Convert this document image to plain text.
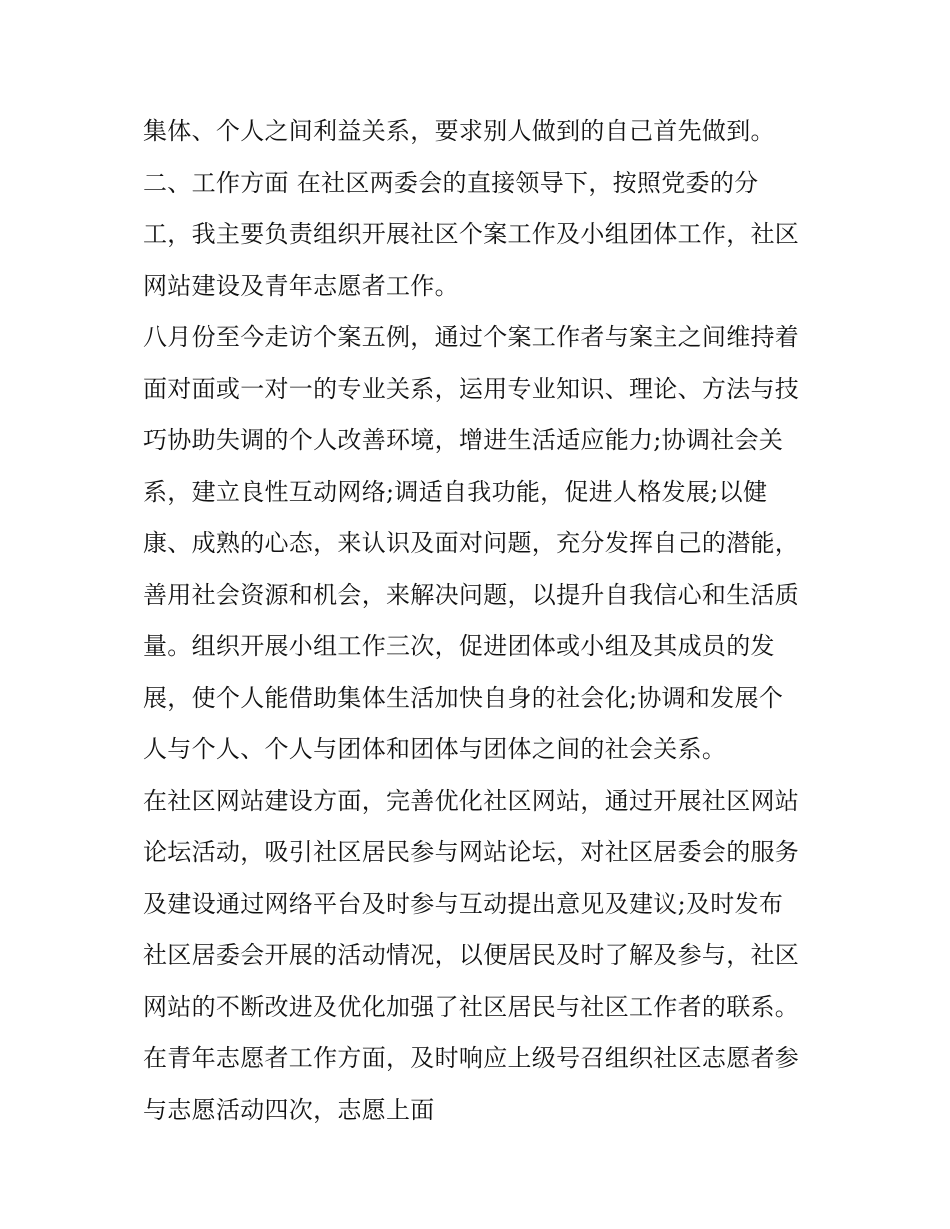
集体、个人之间利益关系，要求别人做到的自己首先做到。
二、工作方面 在社区两委会的直接领导下，按照党委的分
工，我主要负责组织开展社区个案工作及小组团体工作，社区
网站建设及青年志愿者工作。
八月份至今走访个案五例，通过个案工作者与案主之间维持着
面对面或一对一的专业关系，运用专业知识、理论、方法与技
巧协助失调的个人改善环境，增进生活适应能力;协调社会关
系，建立良性互动网络;调适自我功能，促进人格发展;以健
康、成熟的心态，来认识及面对问题，充分发挥自己的潜能，
善用社会资源和机会，来解决问题，以提升自我信心和生活质
量。组织开展小组工作三次，促进团体或小组及其成员的发
展，使个人能借助集体生活加快自身的社会化;协调和发展个
人与个人、个人与团体和团体与团体之间的社会关系。
在社区网站建设方面，完善优化社区网站，通过开展社区网站
论坛活动，吸引社区居民参与网站论坛，对社区居委会的服务
及建设通过网络平台及时参与互动提出意见及建议;及时发布
社区居委会开展的活动情况，以便居民及时了解及参与，社区
网站的不断改进及优化加强了社区居民与社区工作者的联系。
在青年志愿者工作方面，及时响应上级号召组织社区志愿者参
与志愿活动四次，志愿上面
